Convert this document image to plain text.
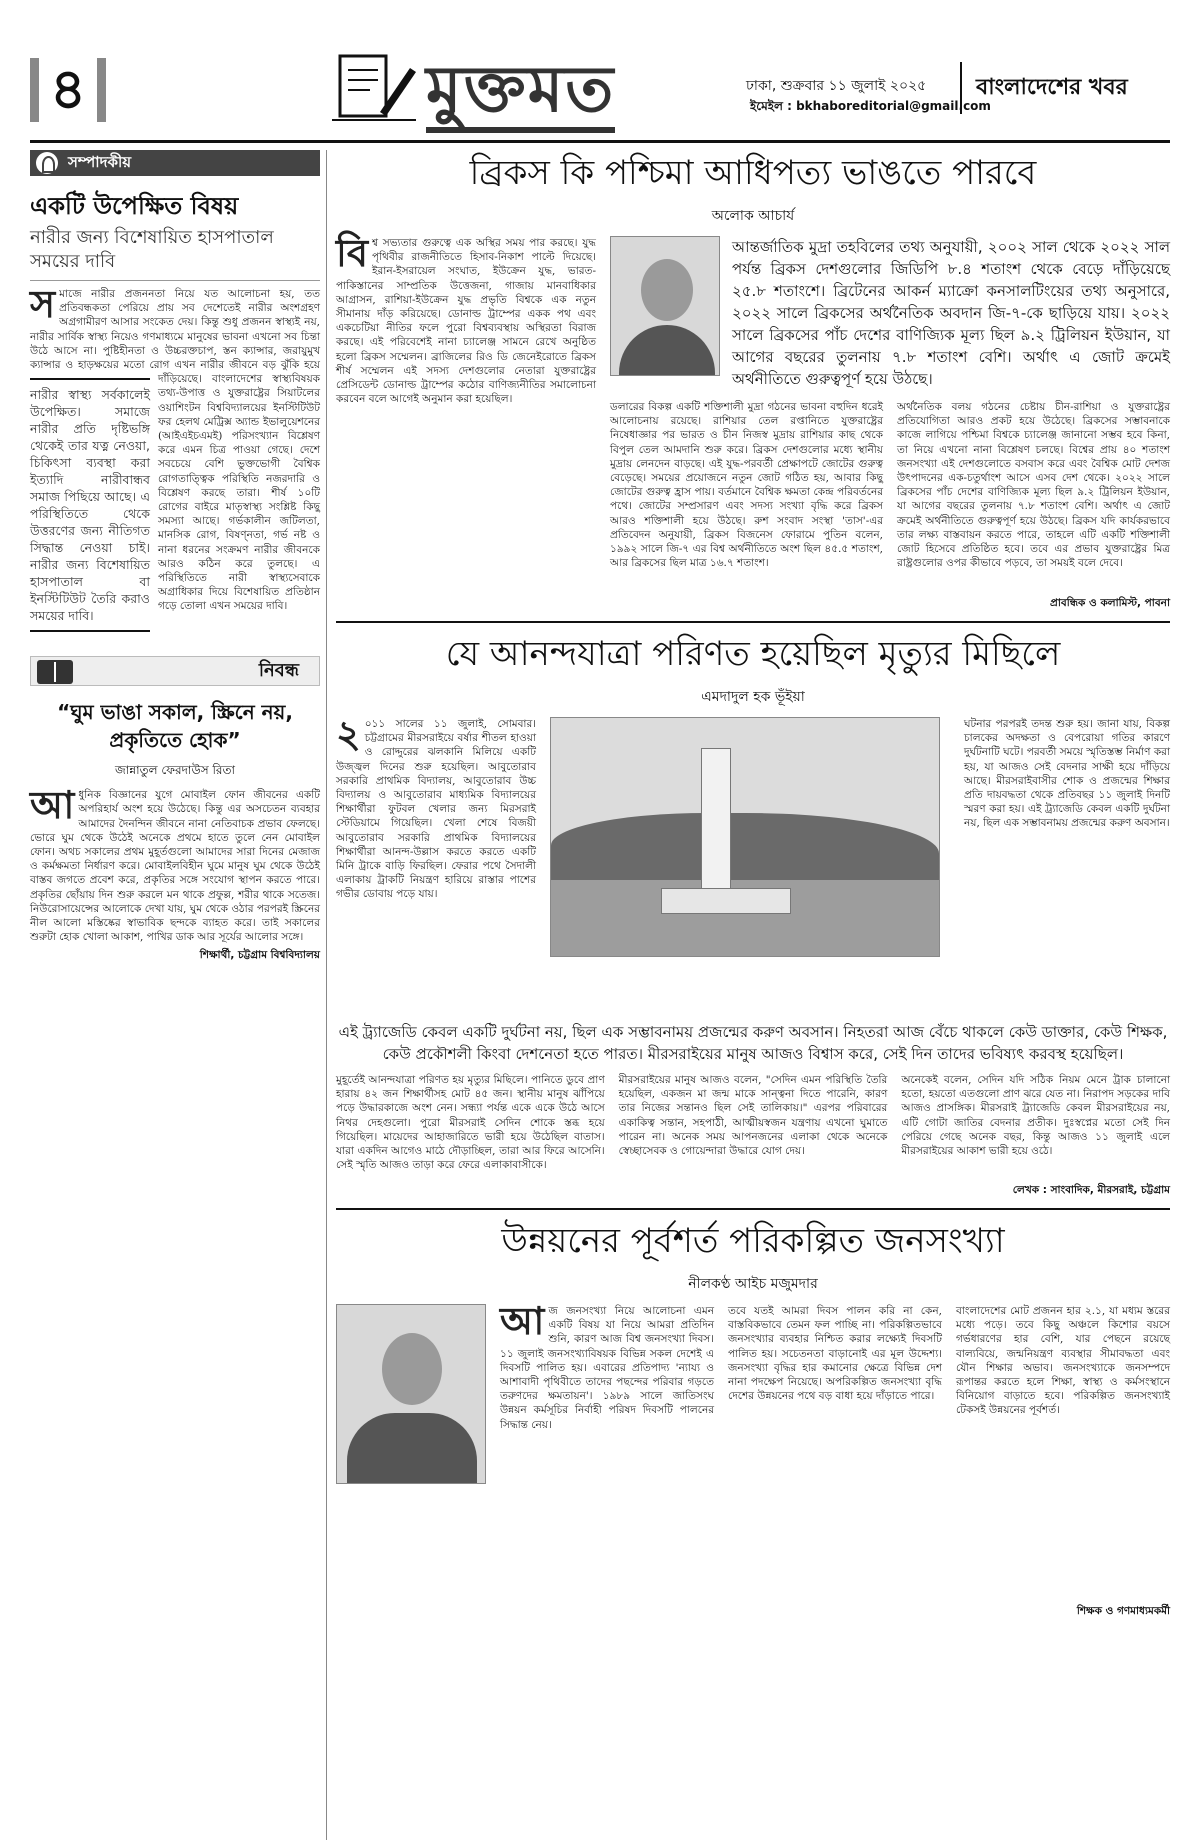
৪	মুক্তমত	ঢাকা, শুক্রবার ১১ জুলাই ২০২৫
ইমেইল : bkhaboreditorial@gmail.com
বাংলাদেশের খবর
সম্পাদকীয়
একটি উপেক্ষিত বিষয়
নারীর জন্য বিশেষায়িত হাসপাতাল সময়ের দাবি
স মাজে নারীর প্রজননতা নিয়ে যত আলোচনা হয়, তত প্রতিবন্ধকতা পেরিয়ে প্রায় সব দেশেতেই নারীর অংশগ্রহণ অগ্রগামীরণ আসার সংকেত দেয়। কিন্তু শুধু প্রজনন স্বাস্থ্যই নয়, নারীর সার্বিক স্বাস্থ্য নিয়েও গণমাধ্যমে মানুষের ভাবনা এখনো সব চিন্তা উঠে আসে না। পুষ্টিহীনতা ও উচ্চরক্তচাপ, স্তন ক্যান্সার, জরায়ুমুখ ক্যান্সার ও হাড়ক্ষয়ের মতো রোগ এখন নারীর জীবনে বড় ঝুঁকি হয়ে দাঁড়িয়েছে।
নারীর স্বাস্থ্য সর্বকালেই উপেক্ষিত। সমাজে নারীর প্রতি দৃষ্টিভঙ্গি থেকেই তার যত্ন নেওয়া, চিকিৎসা ব্যবস্থা করা ইত্যাদি নারীবান্ধব সমাজ পিছিয়ে আছে। এ পরিস্থিতিতে থেকে উত্তরণের জন্য নীতিগত সিদ্ধান্ত নেওয়া চাই। নারীর জন্য বিশেষায়িত হাসপাতাল বা ইনস্টিটিউট তৈরি করাও সময়ের দাবি।
বাংলাদেশের স্বাস্থ্যবিষয়ক তথ্য-উপাত্ত ও যুক্তরাষ্ট্রের সিয়াটলের ওয়াশিংটন বিশ্ববিদ্যালয়ের ইনস্টিটিউট ফর হেলথ মেট্রিক্স অ্যান্ড ইভালুয়েশনের (আইএইচএমই) পরিসংখ্যান বিশ্লেষণ করে এমন চিত্র পাওয়া গেছে। দেশে সবচেয়ে বেশি ভুক্তভোগী বৈশ্বিক রোগতাত্ত্বিক পরিস্থিতি নজরদারি ও বিশ্লেষণ করছে তারা। শীর্ষ ১০টি রোগের বাইরে মাতৃস্বাস্থ্য সংশ্লিষ্ট কিছু সমস্যা আছে। গর্ভকালীন জটিলতা, মানসিক রোগ, বিষণ্নতা, গর্ভ নষ্ট ও নানা ধরনের সংক্রমণ নারীর জীবনকে আরও কঠিন করে তুলছে। এ পরিস্থিতিতে নারী স্বাস্থ্যসেবাকে অগ্রাধিকার দিয়ে বিশেষায়িত প্রতিষ্ঠান গড়ে তোলা এখন সময়ের দাবি।
নিবন্ধ
“ঘুম ভাঙা সকাল, স্ক্রিনে নয়, প্রকৃতিতে হোক”
জান্নাতুল ফেরদাউস রিতা
আ ধুনিক বিজ্ঞানের যুগে মোবাইল ফোন জীবনের একটি অপরিহার্য অংশ হয়ে উঠেছে। কিন্তু এর অসচেতন ব্যবহার আমাদের দৈনন্দিন জীবনে নানা নেতিবাচক প্রভাব ফেলছে। ভোরে ঘুম থেকে উঠেই অনেকে প্রথমে হাতে তুলে নেন মোবাইল ফোন। অথচ সকালের প্রথম মুহূর্তগুলো আমাদের সারা দিনের মেজাজ ও কর্মক্ষমতা নির্ধারণ করে। মোবাইলবিহীন ঘুমে মানুষ ঘুম থেকে উঠেই বাস্তব জগতে প্রবেশ করে, প্রকৃতির সঙ্গে সংযোগ স্থাপন করতে পারে। প্রকৃতির ছোঁয়ায় দিন শুরু করলে মন থাকে প্রফুল্ল, শরীর থাকে সতেজ। নিউরোসায়েন্সের আলোকে দেখা যায়, ঘুম থেকে ওঠার পরপরই স্ক্রিনের নীল আলো মস্তিষ্কের স্বাভাবিক ছন্দকে ব্যাহত করে। তাই সকালের শুরুটা হোক খোলা আকাশ, পাখির ডাক আর সূর্যের আলোর সঙ্গে।
শিক্ষার্থী, চট্টগ্রাম বিশ্ববিদ্যালয়
ব্রিকস কি পশ্চিমা আধিপত্য ভাঙতে পারবে
অলোক আচার্য
বি শ্ব সভ্যতার গুরুত্বে এক অস্থির সময় পার করছে। যুদ্ধ পৃথিবীর রাজনীতিতে হিসাব-নিকাশ পাল্টে দিয়েছে। ইরান-ইসরায়েল সংঘাত, ইউক্রেন যুদ্ধ, ভারত-পাকিস্তানের সাম্প্রতিক উত্তেজনা, গাজায় মানবাধিকার আগ্রাসন, রাশিয়া-ইউক্রেন যুদ্ধ প্রভৃতি বিশ্বকে এক নতুন সীমানায় দাঁড় করিয়েছে। ডোনাল্ড ট্রাম্পের একক পথ এবং একচেটিয়া নীতির ফলে পুরো বিশ্বব্যবস্থায় অস্থিরতা বিরাজ করছে। এই পরিবেশেই নানা চ্যালেঞ্জ সামনে রেখে অনুষ্ঠিত হলো ব্রিকস সম্মেলন। ব্রাজিলের রিও ডি জেনেইরোতে ব্রিকস শীর্ষ সম্মেলন এই সদস্য দেশগুলোর নেতারা যুক্তরাষ্ট্রের প্রেসিডেন্ট ডোনাল্ড ট্রাম্পের কঠোর বাণিজ্যনীতির সমালোচনা করবেন বলে আগেই অনুমান করা হয়েছিল।
আন্তর্জাতিক মুদ্রা তহবিলের তথ্য অনুযায়ী, ২০০২ সাল থেকে ২০২২ সাল পর্যন্ত ব্রিকস দেশগুলোর জিডিপি ৮.৪ শতাংশ থেকে বেড়ে দাঁড়িয়েছে ২৫.৮ শতাংশে। ব্রিটেনের আকর্ন ম্যাক্রো কনসালটিংয়ের তথ্য অনুসারে, ২০২২ সালে ব্রিকসের অর্থনৈতিক অবদান জি-৭-কে ছাড়িয়ে যায়। ২০২২ সালে ব্রিকসের পাঁচ দেশের বাণিজ্যিক মূল্য ছিল ৯.২ ট্রিলিয়ন ইউয়ান, যা আগের বছরের তুলনায় ৭.৮ শতাংশ বেশি। অর্থাৎ এ জোট ক্রমেই অর্থনীতিতে গুরুত্বপূর্ণ হয়ে উঠছে।
ডলারের বিকল্প একটি শক্তিশালী মুদ্রা গঠনের ভাবনা বহুদিন ধরেই আলোচনায় রয়েছে। রাশিয়ার তেল রপ্তানিতে যুক্তরাষ্ট্রের নিষেধাজ্ঞার পর ভারত ও চীন নিজস্ব মুদ্রায় রাশিয়ার কাছ থেকে বিপুল তেল আমদানি শুরু করে। ব্রিকস দেশগুলোর মধ্যে স্থানীয় মুদ্রায় লেনদেন বাড়ছে। এই যুদ্ধ-পরবর্তী প্রেক্ষাপটে জোটের গুরুত্ব বেড়েছে। সময়ের প্রয়োজনে নতুন জোট গঠিত হয়, আবার কিছু জোটের গুরুত্ব হ্রাস পায়। বর্তমানে বৈশ্বিক ক্ষমতা কেন্দ্র পরিবর্তনের পথে। জোটের সম্প্রসারণ এবং সদস্য সংখ্যা বৃদ্ধি করে ব্রিকস আরও শক্তিশালী হয়ে উঠছে। রুশ সংবাদ সংস্থা 'তাস'-এর প্রতিবেদন অনুযায়ী, ব্রিকস বিজনেস ফোরামে পুতিন বলেন, ১৯৯২ সালে জি-৭ এর বিশ্ব অর্থনীতিতে অংশ ছিল ৪৫.৫ শতাংশ, আর ব্রিকসের ছিল মাত্র ১৬.৭ শতাংশ।
অর্থনৈতিক বলয় গঠনের চেষ্টায় চীন-রাশিয়া ও যুক্তরাষ্ট্রের প্রতিযোগিতা আরও প্রকট হয়ে উঠেছে। ব্রিকসের সম্ভাবনাকে কাজে লাগিয়ে পশ্চিমা বিশ্বকে চ্যালেঞ্জ জানানো সম্ভব হবে কিনা, তা নিয়ে এখনো নানা বিশ্লেষণ চলছে। বিশ্বের প্রায় ৪০ শতাংশ জনসংখ্যা এই দেশগুলোতে বসবাস করে এবং বৈশ্বিক মোট দেশজ উৎপাদনের এক-চতুর্থাংশ আসে এসব দেশ থেকে। ২০২২ সালে ব্রিকসের পাঁচ দেশের বাণিজ্যিক মূল্য ছিল ৯.২ ট্রিলিয়ন ইউয়ান, যা আগের বছরের তুলনায় ৭.৮ শতাংশ বেশি। অর্থাৎ এ জোট ক্রমেই অর্থনীতিতে গুরুত্বপূর্ণ হয়ে উঠছে। ব্রিকস যদি কার্যকরভাবে তার লক্ষ্য বাস্তবায়ন করতে পারে, তাহলে এটি একটি শক্তিশালী জোট হিসেবে প্রতিষ্ঠিত হবে। তবে এর প্রভাব যুক্তরাষ্ট্রের মিত্র রাষ্ট্রগুলোর ওপর কীভাবে পড়বে, তা সময়ই বলে দেবে।
প্রাবন্ধিক ও কলামিস্ট, পাবনা
যে আনন্দযাত্রা পরিণত হয়েছিল মৃত্যুর মিছিলে
এমদাদুল হক ভূঁইয়া
২ ০১১ সালের ১১ জুলাই, সোমবার। চট্টগ্রামের মীরসরাইয়ে বর্ষার শীতল হাওয়া ও রোদ্দুরের ঝলকানি মিলিয়ে একটি উজ্জ্বল দিনের শুরু হয়েছিল। আবুতোরাব সরকারি প্রাথমিক বিদ্যালয়, আবুতোরাব উচ্চ বিদ্যালয় ও আবুতোরাব মাধ্যমিক বিদ্যালয়ের শিক্ষার্থীরা ফুটবল খেলার জন্য মিরসরাই স্টেডিয়ামে গিয়েছিল। খেলা শেষে বিজয়ী আবুতোরাব সরকারি প্রাথমিক বিদ্যালয়ের শিক্ষার্থীরা আনন্দ-উল্লাস করতে করতে একটি মিনি ট্রাকে বাড়ি ফিরছিল। ফেরার পথে সৈদালী এলাকায় ট্রাকটি নিয়ন্ত্রণ হারিয়ে রাস্তার পাশের গভীর ডোবায় পড়ে যায়।
ঘটনার পরপরই তদন্ত শুরু হয়। জানা যায়, বিকল্প চালকের অদক্ষতা ও বেপরোয়া গতির কারণে দুর্ঘটনাটি ঘটে। পরবর্তী সময়ে স্মৃতিস্তম্ভ নির্মাণ করা হয়, যা আজও সেই বেদনার সাক্ষী হয়ে দাঁড়িয়ে আছে। মীরসরাইবাসীর শোক ও প্রজন্মের শিক্ষার প্রতি দায়বদ্ধতা থেকে প্রতিবছর ১১ জুলাই দিনটি স্মরণ করা হয়। এই ট্র্যাজেডি কেবল একটি দুর্ঘটনা নয়, ছিল এক সম্ভাবনাময় প্রজন্মের করুণ অবসান।
এই ট্র্যাজেডি কেবল একটি দুর্ঘটনা নয়, ছিল এক সম্ভাবনাময় প্রজন্মের করুণ অবসান। নিহতরা আজ বেঁচে থাকলে কেউ ডাক্তার, কেউ শিক্ষক, কেউ প্রকৌশলী কিংবা দেশনেতা হতে পারত। মীরসরাইয়ের মানুষ আজও বিশ্বাস করে, সেই দিন তাদের ভবিষ্যৎ করবস্থ হয়েছিল।
মুহূর্তেই আনন্দযাত্রা পরিণত হয় মৃত্যুর মিছিলে। পানিতে ডুবে প্রাণ হারায় ৪২ জন শিক্ষার্থীসহ মোট ৪৫ জন। স্থানীয় মানুষ ঝাঁপিয়ে পড়ে উদ্ধারকাজে অংশ নেন। সন্ধ্যা পর্যন্ত একে একে উঠে আসে নিথর দেহগুলো। পুরো মীরসরাই সেদিন শোকে স্তব্ধ হয়ে গিয়েছিল। মায়েদের আহাজারিতে ভারী হয়ে উঠেছিল বাতাস। যারা একদিন আগেও মাঠে দৌড়াচ্ছিল, তারা আর ফিরে আসেনি। সেই স্মৃতি আজও তাড়া করে ফেরে এলাকাবাসীকে।
মীরসরাইয়ের মানুষ আজও বলেন, "সেদিন এমন পরিস্থিতি তৈরি হয়েছিল, একজন মা জন্ম মাকে সান্ত্বনা দিতে পারেনি, কারণ তার নিজের সন্তানও ছিল সেই তালিকায়।" এরপর পরিবারের একাকিত্ব সন্তান, সহপাঠী, আত্মীয়স্বজন যন্ত্রণায় এখনো ঘুমাতে পারেন না। অনেক সময় আপনজনের এলাকা থেকে অনেকে স্বেচ্ছাসেবক ও গোয়েন্দারা উদ্ধারে যোগ দেয়।
অনেকেই বলেন, সেদিন যদি সঠিক নিয়ম মেনে ট্রাক চালানো হতো, হয়তো এতগুলো প্রাণ ঝরে যেত না। নিরাপদ সড়কের দাবি আজও প্রাসঙ্গিক। মীরসরাই ট্র্যাজেডি কেবল মীরসরাইয়ের নয়, এটি গোটা জাতির বেদনার প্রতীক। দুঃস্বপ্নের মতো সেই দিন পেরিয়ে গেছে অনেক বছর, কিন্তু আজও ১১ জুলাই এলে মীরসরাইয়ের আকাশ ভারী হয়ে ওঠে।
লেখক : সাংবাদিক, মীরসরাই, চট্টগ্রাম
উন্নয়নের পূর্বশর্ত পরিকল্পিত জনসংখ্যা
নীলকণ্ঠ আইচ মজুমদার
আ জ জনসংখ্যা নিয়ে আলোচনা এমন একটি বিষয় যা নিয়ে আমরা প্রতিদিন শুনি, কারণ আজ বিশ্ব জনসংখ্যা দিবস। ১১ জুলাই জনসংখ্যাবিষয়ক বিভিন্ন সকল দেশেই এ দিবসটি পালিত হয়। এবারের প্রতিপাদ্য 'ন্যায্য ও আশাবাদী পৃথিবীতে তাদের পছন্দের পরিবার গড়তে তরুণদের ক্ষমতায়ন'। ১৯৮৯ সালে জাতিসংঘ উন্নয়ন কর্মসূচির নির্বাহী পরিষদ দিবসটি পালনের সিদ্ধান্ত নেয়।
তবে যতই আমরা দিবস পালন করি না কেন, বাস্তবিকভাবে তেমন ফল পাচ্ছি না। পরিকল্পিতভাবে জনসংখ্যার ব্যবহার নিশ্চিত করার লক্ষ্যেই দিবসটি পালিত হয়। সচেতনতা বাড়ানোই এর মূল উদ্দেশ্য। জনসংখ্যা বৃদ্ধির হার কমানোর ক্ষেত্রে বিভিন্ন দেশ নানা পদক্ষেপ নিয়েছে। অপরিকল্পিত জনসংখ্যা বৃদ্ধি দেশের উন্নয়নের পথে বড় বাধা হয়ে দাঁড়াতে পারে।
বাংলাদেশের মোট প্রজনন হার ২.১, যা মধ্যম স্তরের মধ্যে পড়ে। তবে কিছু অঞ্চলে কিশোর বয়সে গর্ভধারণের হার বেশি, যার পেছনে রয়েছে বাল্যবিয়ে, জন্মনিয়ন্ত্রণ ব্যবস্থার সীমাবদ্ধতা এবং যৌন শিক্ষার অভাব। জনসংখ্যাকে জনসম্পদে রূপান্তর করতে হলে শিক্ষা, স্বাস্থ্য ও কর্মসংস্থানে বিনিয়োগ বাড়াতে হবে। পরিকল্পিত জনসংখ্যাই টেকসই উন্নয়নের পূর্বশর্ত।
শিক্ষক ও গণমাধ্যমকর্মী
